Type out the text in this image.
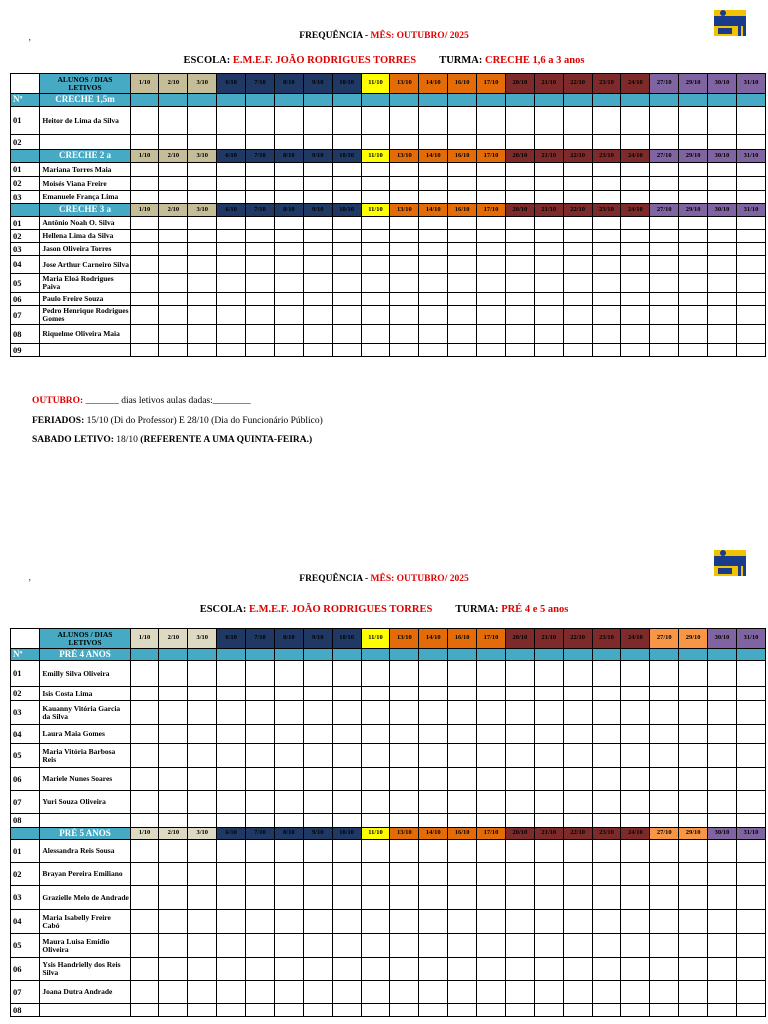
’
FREQUÊNCIA - MÊS: OUTUBRO/ 2025
ESCOLA: E.M.E.F. JOÃO RODRIGUES TORRES TURMA: CRECHE 1,6 a 3 anos
	ALUNOS / DIAS LETIVOS	1/10	2/10	3/10	6/10	7/10	8/10	9/10	10/10	11/10	13/10	14/10	16/10	17/10	20/10	21/10	22/10	23/10	24/10	27/10	29/10	30/10	31/10
Nº	CRECHE 1,5m																						
01	Heitor de Lima da Silva																						
02																							
	CRECHE 2 a	1/10	2/10	3/10	6/10	7/10	8/10	9/10	10/10	11/10	13/10	14/10	16/10	17/10	20/10	21/10	22/10	23/10	24/10	27/10	29/10	30/10	31/10
01	Mariana Torres Maia																						
02	Moisés Viana Freire																						
03	Emanuele França Lima																						
	CRECHE 3 a	1/10	2/10	3/10	6/10	7/10	8/10	9/10	10/10	11/10	13/10	14/10	16/10	17/10	20/10	21/10	22/10	23/10	24/10	27/10	29/10	30/10	31/10
01	Antônio Noah O. Silva																						
02	Hellena Lima da Silva																						
03	Jason Oliveira Torres																						
04	Jose Arthur Carneiro Silva																						
05	Maria Eloá Rodrigues Paiva																						
06	Paulo Freire Souza																						
07	Pedro Henrique Rodrigues Gomes																						
08	Riquelme Oliveira Maia																						
09																							
OUTUBRO: _______ dias letivos aulas dadas:________
FERIADOS: 15/10 (Di do Professor) E 28/10 (Dia do Funcionário Público)
SABADO LETIVO: 18/10 (REFERENTE A UMA QUINTA-FEIRA.)
’	FREQUÊNCIA - MÊS: OUTUBRO/ 2025
ESCOLA: E.M.E.F. JOÃO RODRIGUES TORRES TURMA: PRÉ 4 e 5 anos
	ALUNOS / DIAS LETIVOS	1/10	2/10	3/10	6/10	7/10	8/10	9/10	10/10	11/10	13/10	14/10	16/10	17/10	20/10	21/10	22/10	23/10	24/10	27/10	29/10	30/10	31/10
Nº	PRÉ 4 ANOS																						
01	Emilly Silva Oliveira																						
02	Isis Costa Lima																						
03	Kauanny Vitória Garcia da Silva																						
04	Laura Maia Gomes																						
05	Maria Vitória Barbosa Reis																						
06	Mariele Nunes Soares																						
07	Yuri Souza Oliveira																						
08																							
	PRÉ 5 ANOS	1/10	2/10	3/10	6/10	7/10	8/10	9/10	10/10	11/10	13/10	14/10	16/10	17/10	20/10	21/10	22/10	23/10	24/10	27/10	29/10	30/10	31/10
01	Alessandra Reis Sousa																						
02	Brayan Pereira Emiliano																						
03	Grazielle Melo de Andrade																						
04	Maria Isabelly Freire Cabó																						
05	Maura Luisa Emídio Oliveira																						
06	Ysis Handrielly dos Reis Silva																						
07	Joana Dutra Andrade																						
08																							
